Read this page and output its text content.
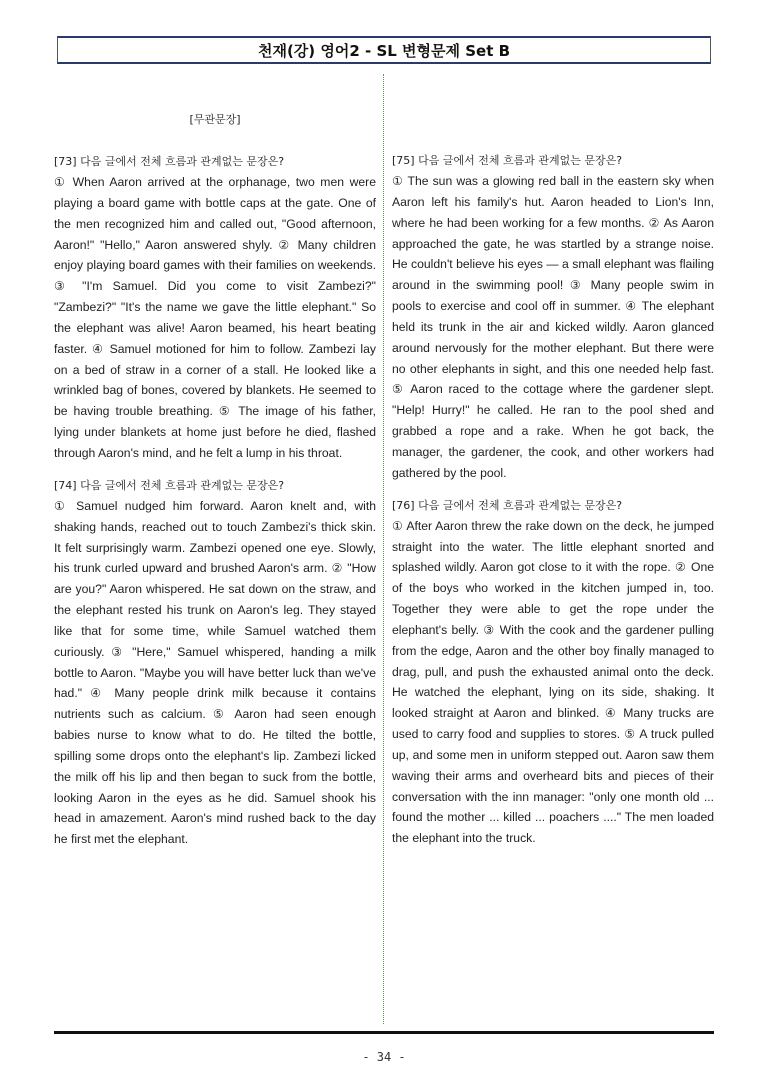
천재(강) 영어2 - SL 변형문제 Set B

[무관문장]

[73] 다음 글에서 전체 흐름과 관계없는 문장은?

① When Aaron arrived at the orphanage, two men were playing a board game with bottle caps at the gate. One of the men recognized him and called out, "Good afternoon, Aaron!" "Hello," Aaron answered shyly. ② Many children enjoy playing board games with their families on weekends. ③ "I'm Samuel. Did you come to visit Zambezi?" "Zambezi?" "It's the name we gave the little elephant." So the elephant was alive! Aaron beamed, his heart beating faster. ④ Samuel motioned for him to follow. Zambezi lay on a bed of straw in a corner of a stall. He looked like a wrinkled bag of bones, covered by blankets. He seemed to be having trouble breathing. ⑤ The image of his father, lying under blankets at home just before he died, flashed through Aaron's mind, and he felt a lump in his throat.

[74] 다음 글에서 전체 흐름과 관계없는 문장은?

① Samuel nudged him forward. Aaron knelt and, with shaking hands, reached out to touch Zambezi's thick skin. It felt surprisingly warm. Zambezi opened one eye. Slowly, his trunk curled upward and brushed Aaron's arm. ② "How are you?" Aaron whispered. He sat down on the straw, and the elephant rested his trunk on Aaron's leg. They stayed like that for some time, while Samuel watched them curiously. ③ "Here," Samuel whispered, handing a milk bottle to Aaron. "Maybe you will have better luck than we've had." ④ Many people drink milk because it contains nutrients such as calcium. ⑤ Aaron had seen enough babies nurse to know what to do. He tilted the bottle, spilling some drops onto the elephant's lip. Zambezi licked the milk off his lip and then began to suck from the bottle, looking Aaron in the eyes as he did. Samuel shook his head in amazement. Aaron's mind rushed back to the day he first met the elephant.

[75] 다음 글에서 전체 흐름과 관계없는 문장은?

① The sun was a glowing red ball in the eastern sky when Aaron left his family's hut. Aaron headed to Lion's Inn, where he had been working for a few months. ② As Aaron approached the gate, he was startled by a strange noise. He couldn't believe his eyes — a small elephant was flailing around in the swimming pool! ③ Many people swim in pools to exercise and cool off in summer. ④ The elephant held its trunk in the air and kicked wildly. Aaron glanced around nervously for the mother elephant. But there were no other elephants in sight, and this one needed help fast. ⑤ Aaron raced to the cottage where the gardener slept. "Help! Hurry!" he called. He ran to the pool shed and grabbed a rope and a rake. When he got back, the manager, the gardener, the cook, and other workers had gathered by the pool.

[76] 다음 글에서 전체 흐름과 관계없는 문장은?

① After Aaron threw the rake down on the deck, he jumped straight into the water. The little elephant snorted and splashed wildly. Aaron got close to it with the rope. ② One of the boys who worked in the kitchen jumped in, too. Together they were able to get the rope under the elephant's belly. ③ With the cook and the gardener pulling from the edge, Aaron and the other boy finally managed to drag, pull, and push the exhausted animal onto the deck. He watched the elephant, lying on its side, shaking. It looked straight at Aaron and blinked. ④ Many trucks are used to carry food and supplies to stores. ⑤ A truck pulled up, and some men in uniform stepped out. Aaron saw them waving their arms and overheard bits and pieces of their conversation with the inn manager: "only one month old ... found the mother ... killed ... poachers ...." The men loaded the elephant into the truck.

- 34 -
